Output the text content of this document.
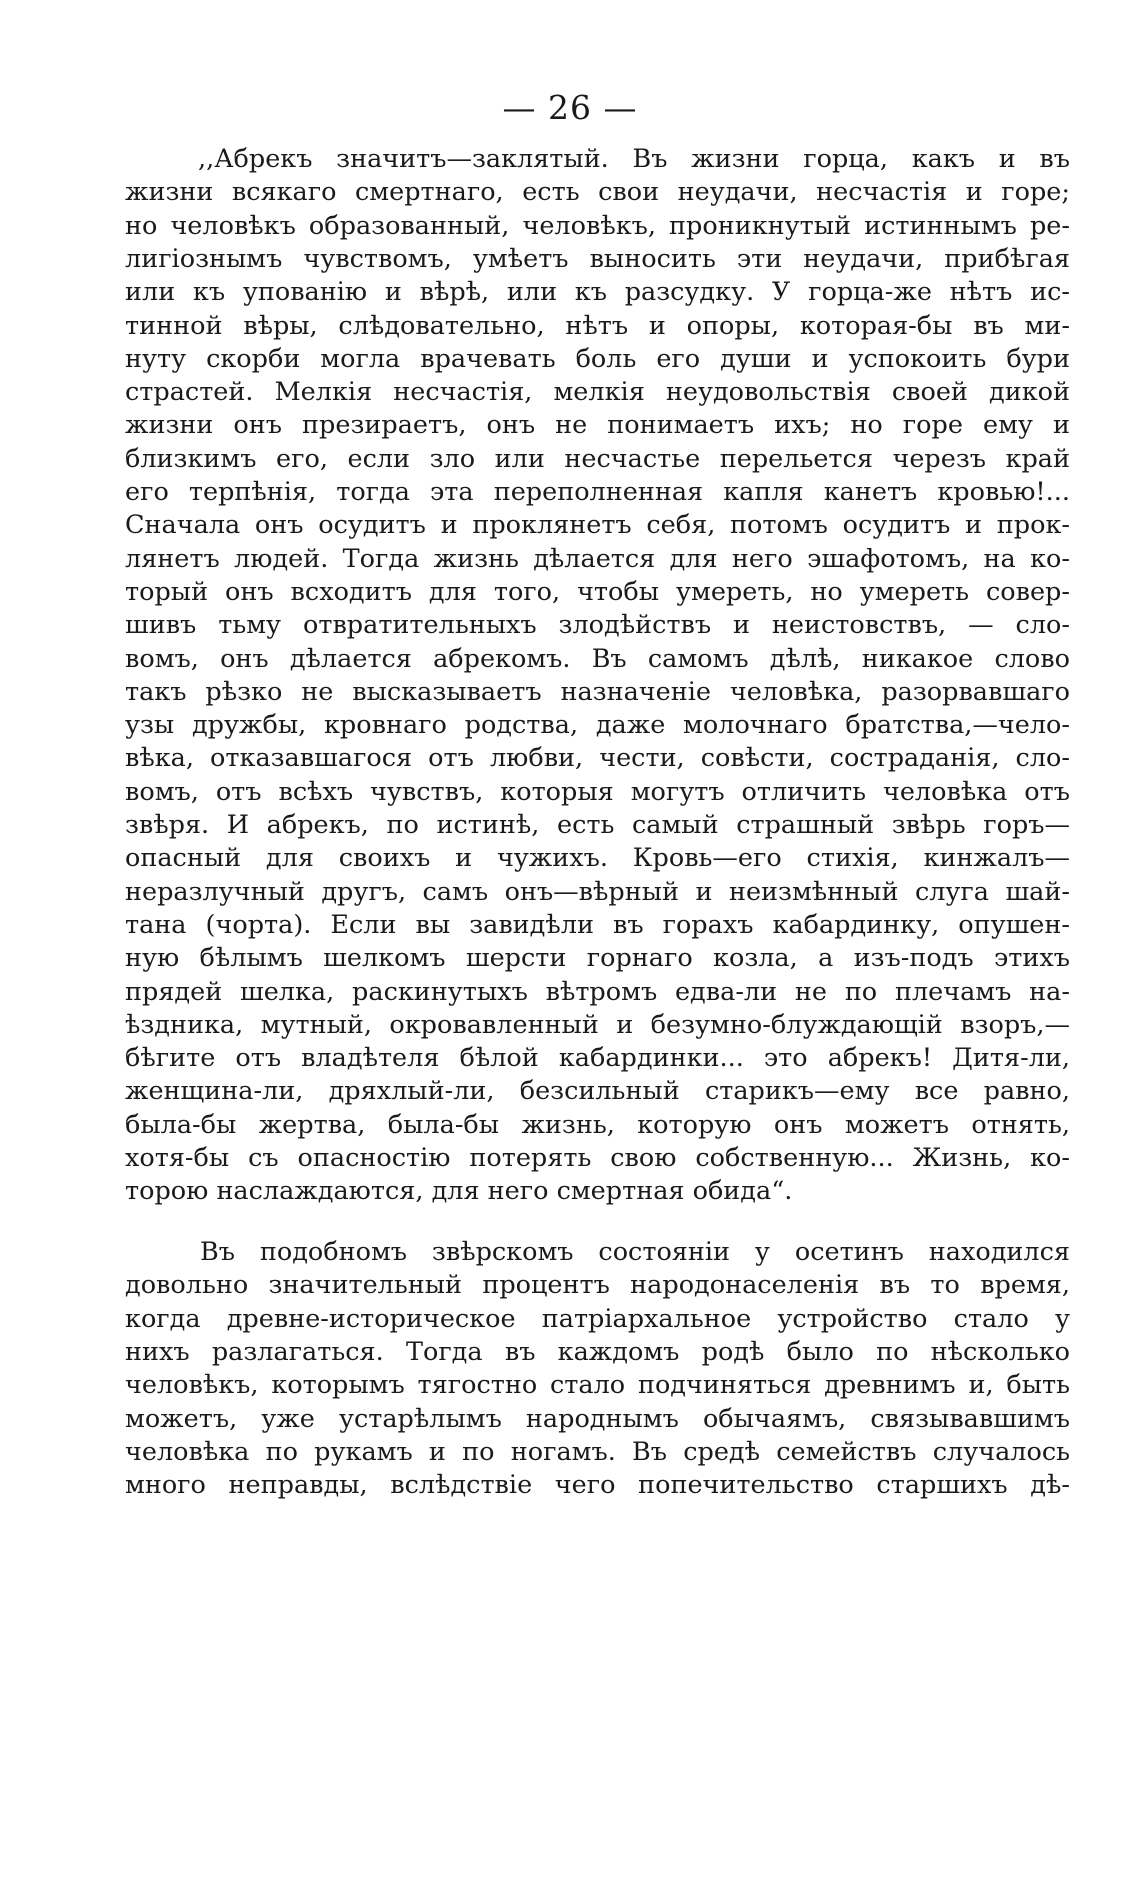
— 26 —
,,Абрекъ значитъ—заклятый. Въ жизни горца, какъ и въ
жизни всякаго смертнаго, есть свои неудачи, несчастія и горе;
но человѣкъ образованный, человѣкъ, проникнутый истиннымъ ре-
лигіознымъ чувствомъ, умѣетъ выносить эти неудачи, прибѣгая
или къ упованію и вѣрѣ, или къ разсудку. У горца-же нѣтъ ис-
тинной вѣры, слѣдовательно, нѣтъ и опоры, которая-бы въ ми-
нуту скорби могла врачевать боль его души и успокоить бури
страстей. Мелкія несчастія, мелкія неудовольствія своей дикой
жизни онъ презираетъ, онъ не понимаетъ ихъ; но горе ему и
близкимъ его, если зло или несчастье перельется черезъ край
его терпѣнія, тогда эта переполненная капля канетъ кровью!...
Сначала онъ осудитъ и проклянетъ себя, потомъ осудитъ и прок-
лянетъ людей. Тогда жизнь дѣлается для него эшафотомъ, на ко-
торый онъ всходитъ для того, чтобы умереть, но умереть совер-
шивъ тьму отвратительныхъ злодѣйствъ и неистовствъ, — сло-
вомъ, онъ дѣлается абрекомъ. Въ самомъ дѣлѣ, никакое слово
такъ рѣзко не высказываетъ назначеніе человѣка, разорвавшаго
узы дружбы, кровнаго родства, даже молочнаго братства,—чело-
вѣка, отказавшагося отъ любви, чести, совѣсти, состраданія, сло-
вомъ, отъ всѣхъ чувствъ, которыя могутъ отличить человѣка отъ
звѣря. И абрекъ, по истинѣ, есть самый страшный звѣрь горъ—
опасный для своихъ и чужихъ. Кровь—его стихія, кинжалъ—
неразлучный другъ, самъ онъ—вѣрный и неизмѣнный слуга шай-
тана (чорта). Если вы завидѣли въ горахъ кабардинку, опушен-
ную бѣлымъ шелкомъ шерсти горнаго козла, а изъ-подъ этихъ
прядей шелка, раскинутыхъ вѣтромъ едва-ли не по плечамъ на-
ѣздника, мутный, окровавленный и безумно-блуждающій взоръ,—
бѣгите отъ владѣтеля бѣлой кабардинки... это абрекъ! Дитя-ли,
женщина-ли, дряхлый-ли, безсильный старикъ—ему все равно,
была-бы жертва, была-бы жизнь, которую онъ можетъ отнять,
хотя-бы съ опасностію потерять свою собственную... Жизнь, ко-
торою наслаждаются, для него смертная обида“.
Въ подобномъ звѣрскомъ состояніи у осетинъ находился
довольно значительный процентъ народонаселенія въ то время,
когда древне-историческое патріархальное устройство стало у
нихъ разлагаться. Тогда въ каждомъ родѣ было по нѣсколько
человѣкъ, которымъ тягостно стало подчиняться древнимъ и, быть
можетъ, уже устарѣлымъ народнымъ обычаямъ, связывавшимъ
человѣка по рукамъ и по ногамъ. Въ средѣ семействъ случалось
много неправды, вслѣдствіе чего попечительство старшихъ дѣ-
